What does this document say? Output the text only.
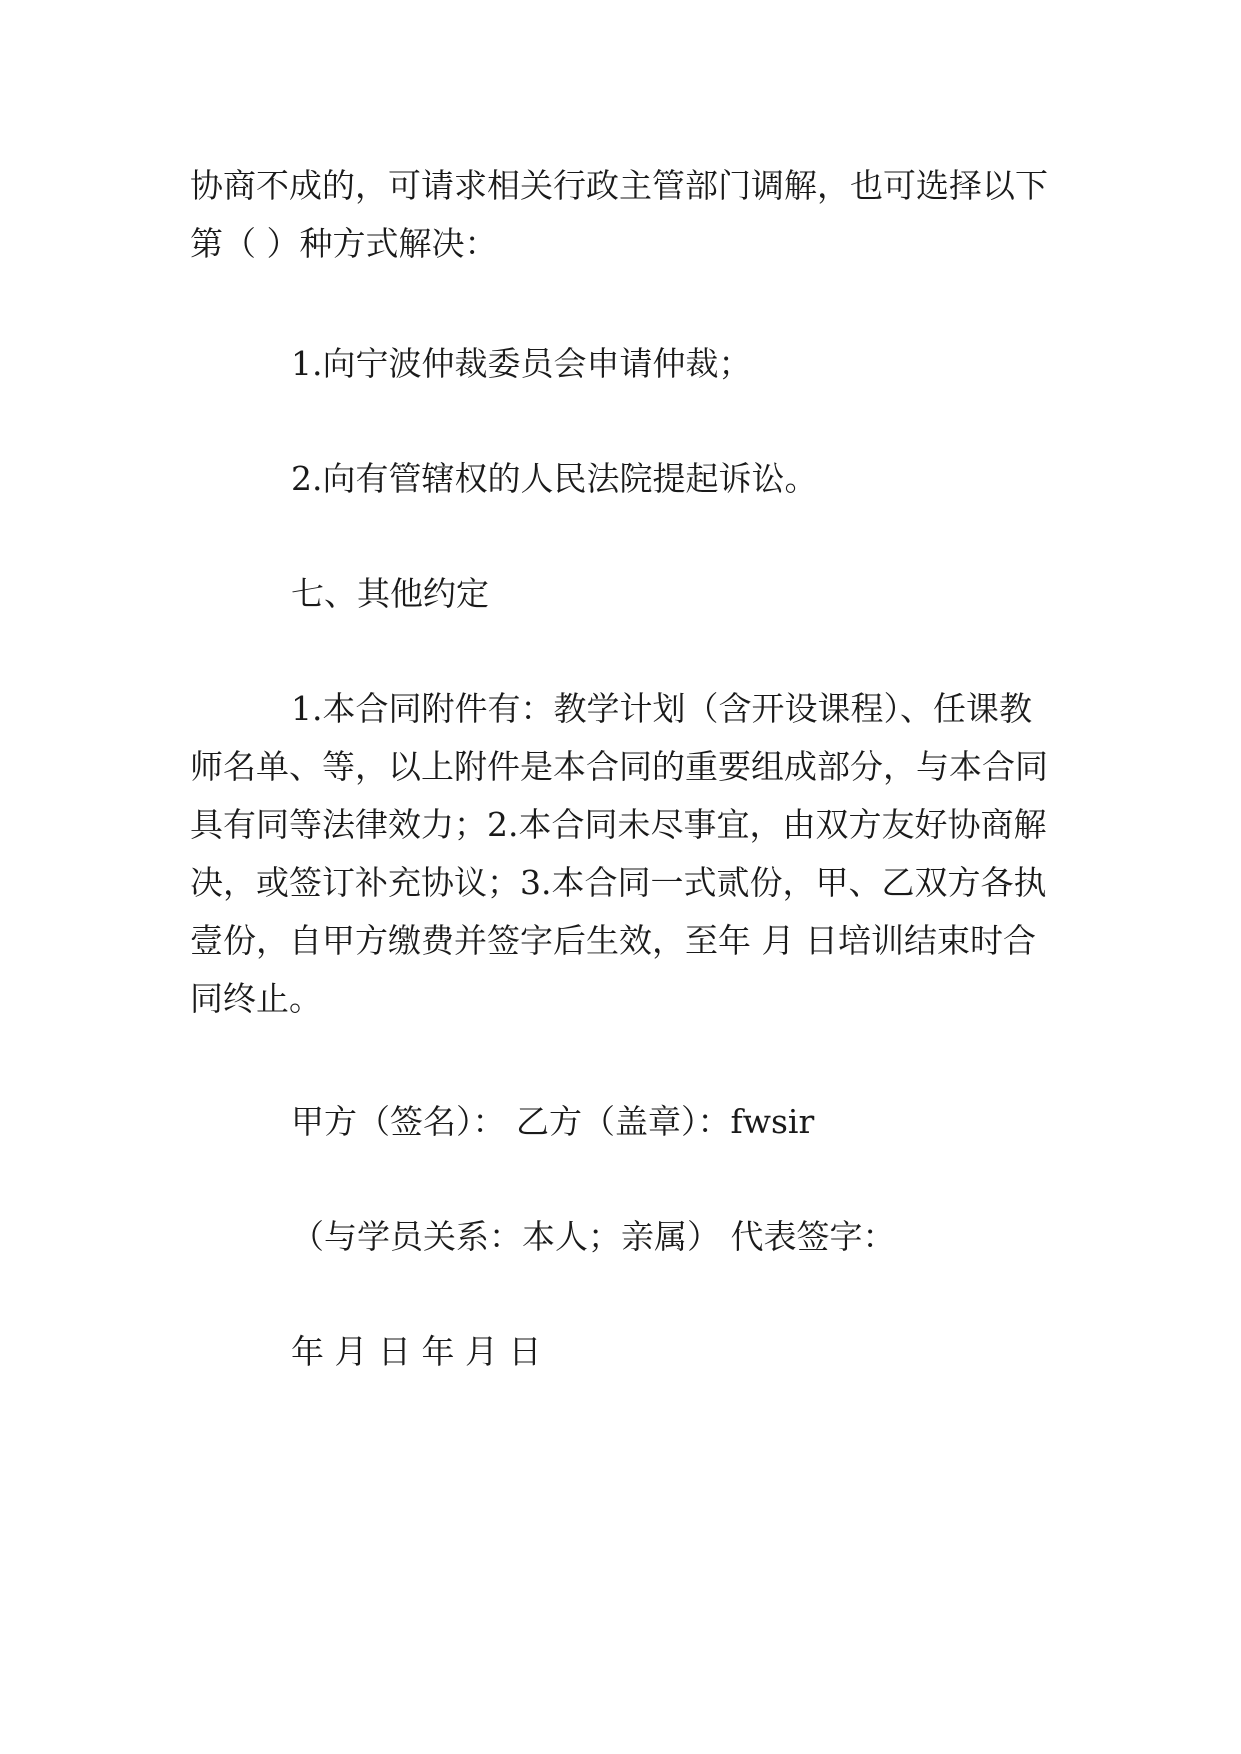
协商不成的，可请求相关行政主管部门调解，也可选择以下
第（ ）种方式解决：
1.向宁波仲裁委员会申请仲裁；
2.向有管辖权的人民法院提起诉讼。
七、其他约定
1.本合同附件有：教学计划（含开设课程）、任课教
师名单、等，以上附件是本合同的重要组成部分，与本合同
具有同等法律效力；2.本合同未尽事宜，由双方友好协商解
决，或签订补充协议；3.本合同一式贰份，甲、乙双方各执
壹份，自甲方缴费并签字后生效，至年 月 日培训结束时合
同终止。
甲方（签名）： 乙方（盖章）：fwsir
（与学员关系：本人；亲属） 代表签字：
年 月 日 年 月 日
